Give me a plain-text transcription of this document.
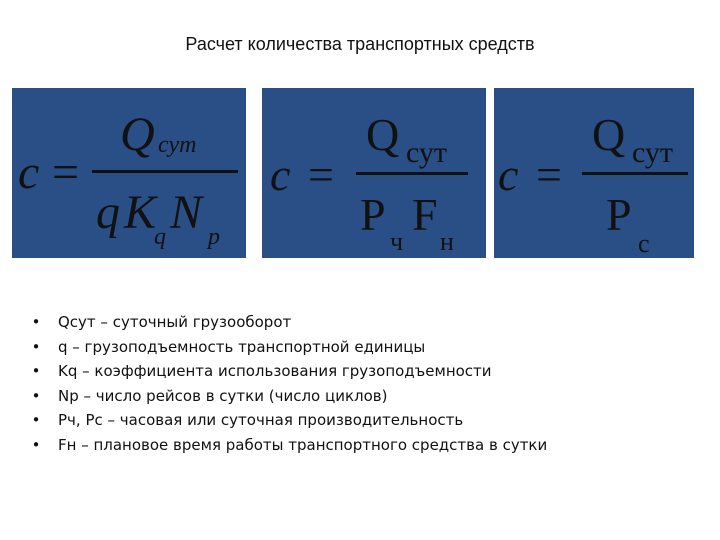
Расчет количества транспортных средств
c =
Q сут
q K
q N p
c =
Q сут
P
ч
F
н
c =
Q сут
P
c
• Qсут – суточный грузооборот
• q – грузоподъемность транспортной единицы
• Kq – коэффициента использования грузоподъемности
• Np – число рейсов в сутки (число циклов)
• Pч, Pc – часовая или суточная производительность
• Fн – плановое время работы транспортного средства в сутки
